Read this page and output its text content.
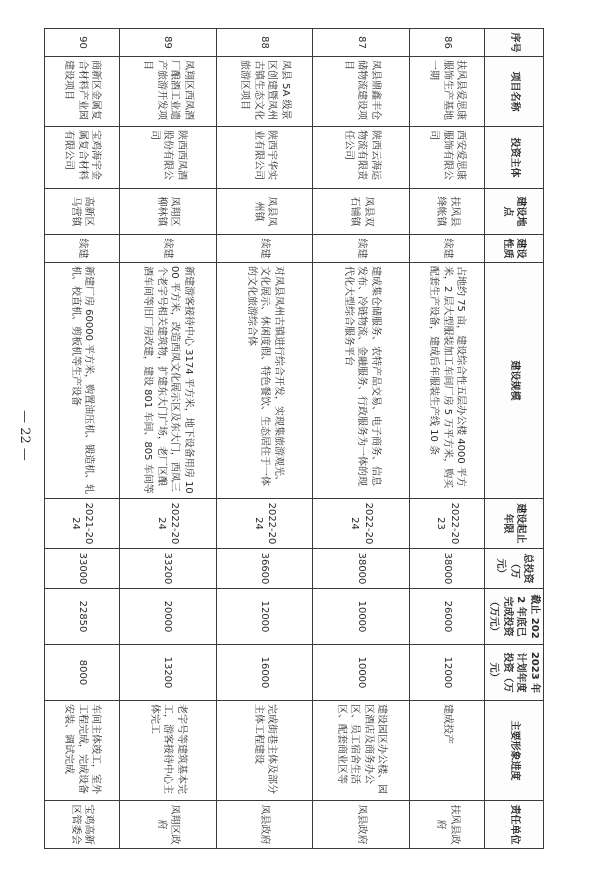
— 22 —
序号	项目名称	投资主体	建设地点	建设性质	建设规模	建设起止年限	总投资（万元）	截止 2022 年底已完成投资（万元）	2023 年计划年度投资（万元）	主要形象进度	责任单位
86	扶风县爱思康服饰生产基地一期	西安爱思康服饰有限公司	扶风县绛帐镇	续建	占地约 75 亩，建设综合性五层办公楼 4000 平方米，2 层大型服装加工车间厂房 5 万平方米，购买配套生产设备，建成后年服装生产线 10 条	2022-2023	38000	26000	12000	建成投产	扶风县政府
87	凤县鼎鑫丰仓储物流建设项目	陕西云海运物流有限责任公司	凤县双石铺镇	续建	建成集仓储服务、农特产品交易、电子商务、信息发布、冷链物流、金融服务、行政服务为一体的现代化大型综合服务平台	2022-2024	38000	10000	10000	建设园区办公楼、园区酒店及商务办公区、员工宿舍生活区、配套商业区等	凤县政府
88	凤县 5A 级景区创建暨凤州古镇生态文化旅游区项目	陕西宇华实业有限公司	凤县凤州镇	续建	对凤县凤州古镇进行综合开发，实现集旅游观光、文化展示、休闲度假、特色餐饮、生态居住于一体的文化旅游综合体	2022-2024	36600	12000	16000	完成街巷主体及部分主体工程建设	凤县政府
89	凤翔区西凤酒厂酿酒工业遗产旅游开发项目	陕西西凤酒股份有限公司	凤翔区柳林镇	续建	新建游客接待中心 3174 平方米，地下设备用房 1000 平方米，改造西凤文化展示区及东大门，西凤三个老字号相关建筑物，扩建东大门广场，老厂区酿酒车间等旧厂房改建，建设 801 车间、805 车间等	2022-2024	33200	20000	13200	老字号等建筑基本完工，游客接待中心主体完工	凤翔区政府
90	商新区金属复合材料产业园建设项目	宝鸡海宇金属复合材料有限公司	高新区马营镇	续建	新建厂房 60000 平方米，购置油压机、锻造机、轧机、校直机、剪板机等生产设备	2021-2024	33000	22850	8000	车间主体竣工，室外工程完成，完成设备安装、调试完成	宝鸡高新区管委会
